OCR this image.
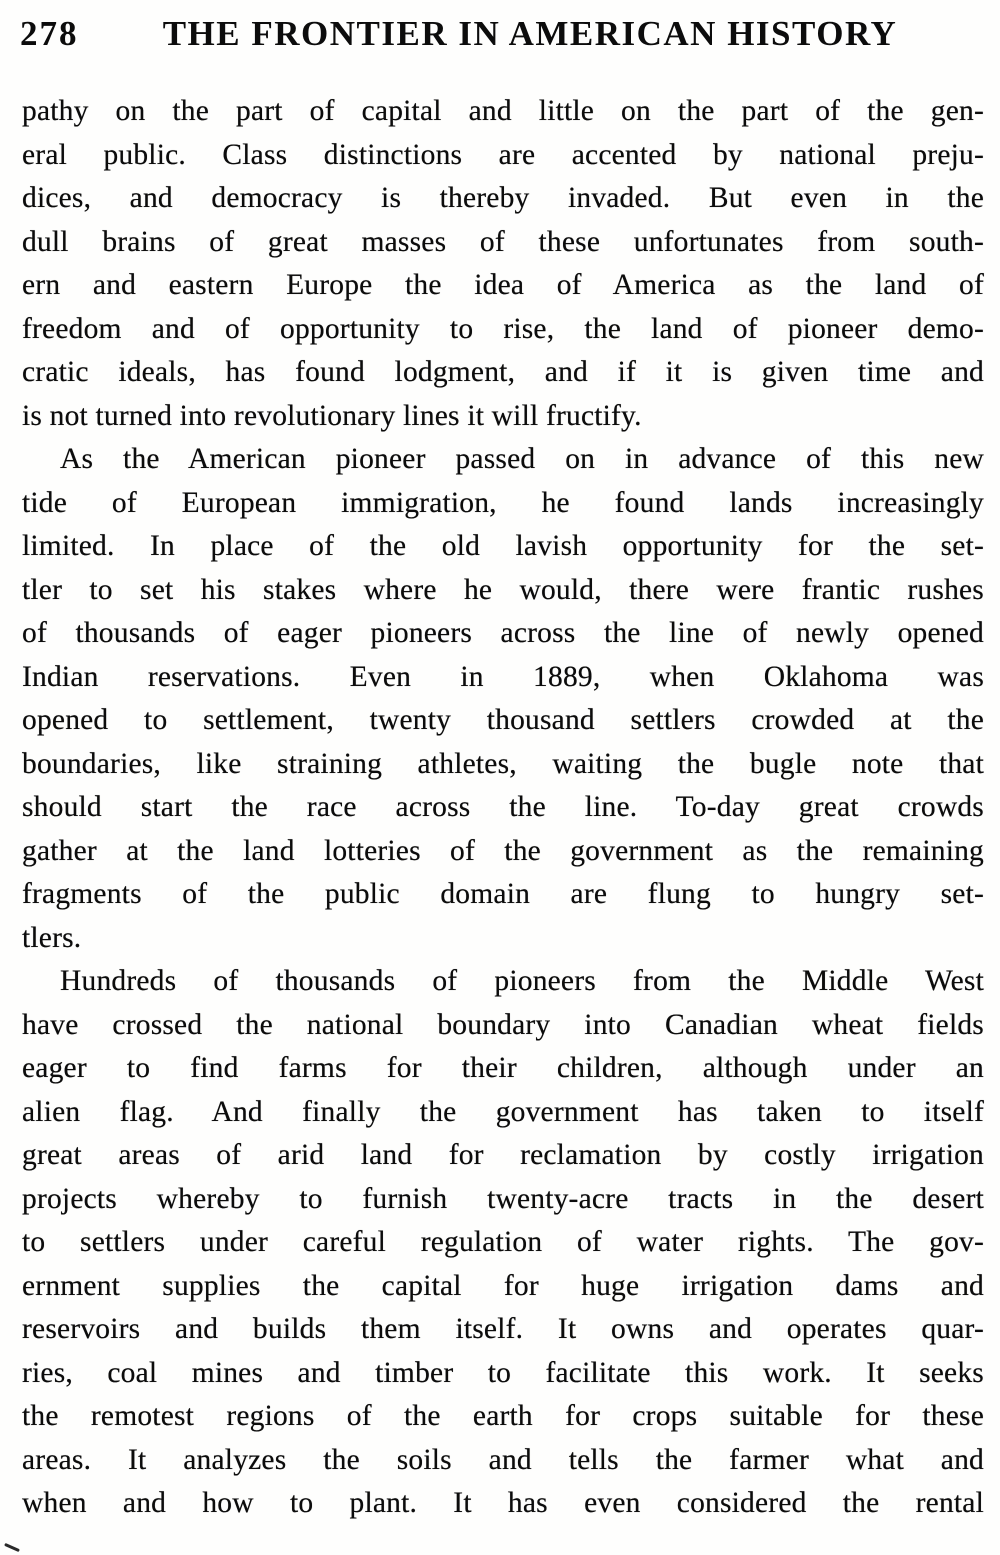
278	THE FRONTIER IN AMERICAN HISTORY
pathy on the part of capital and little on the part of the gen-
eral public. Class distinctions are accented by national preju-
dices, and democracy is thereby invaded. But even in the
dull brains of great masses of these unfortunates from south-
ern and eastern Europe the idea of America as the land of
freedom and of opportunity to rise, the land of pioneer demo-
cratic ideals, has found lodgment, and if it is given time and
is not turned into revolutionary lines it will fructify.
As the American pioneer passed on in advance of this new
tide of European immigration, he found lands increasingly
limited. In place of the old lavish opportunity for the set-
tler to set his stakes where he would, there were frantic rushes
of thousands of eager pioneers across the line of newly opened
Indian reservations. Even in 1889, when Oklahoma was
opened to settlement, twenty thousand settlers crowded at the
boundaries, like straining athletes, waiting the bugle note that
should start the race across the line. To-day great crowds
gather at the land lotteries of the government as the remaining
fragments of the public domain are flung to hungry set-
tlers.
Hundreds of thousands of pioneers from the Middle West
have crossed the national boundary into Canadian wheat fields
eager to find farms for their children, although under an
alien flag. And finally the government has taken to itself
great areas of arid land for reclamation by costly irrigation
projects whereby to furnish twenty-acre tracts in the desert
to settlers under careful regulation of water rights. The gov-
ernment supplies the capital for huge irrigation dams and
reservoirs and builds them itself. It owns and operates quar-
ries, coal mines and timber to facilitate this work. It seeks
the remotest regions of the earth for crops suitable for these
areas. It analyzes the soils and tells the farmer what and
when and how to plant. It has even considered the rental
